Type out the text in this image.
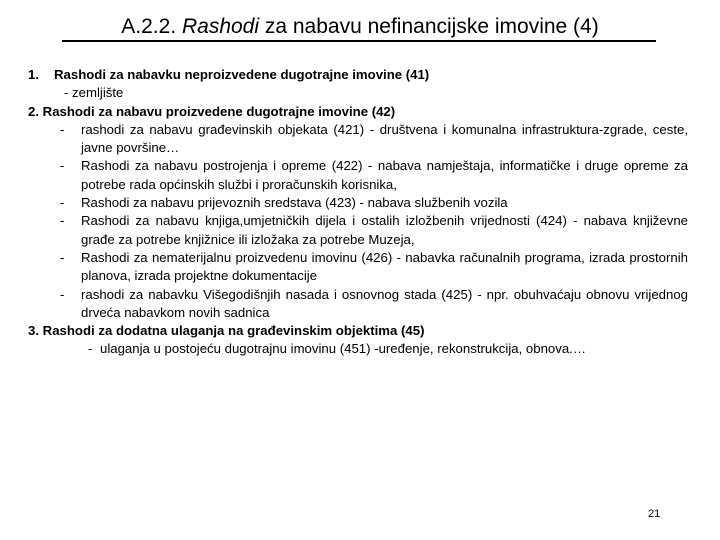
A.2.2. Rashodi za nabavu nefinancijske imovine (4)

1. Rashodi za nabavku neproizvedene dugotrajne imovine (41)

- zemljište

2. Rashodi za nabavu proizvedene dugotrajne imovine (42)

- rashodi za nabavu građevinskih objekata (421) - društvena i komunalna infrastruktura-zgrade, ceste, javne površine…

- Rashodi za nabavu postrojenja i opreme (422) - nabava namještaja, informatičke i druge opreme za potrebe rada općinskih službi i proračunskih korisnika,

- Rashodi za nabavu prijevoznih sredstava (423) - nabava službenih vozila

- Rashodi za nabavu knjiga,umjetničkih dijela i ostalih izložbenih vrijednosti (424) - nabava književne građe za potrebe knjižnice ili izložaka za potrebe Muzeja,

- Rashodi za nematerijalnu proizvedenu imovinu (426) - nabavka računalnih programa, izrada prostornih planova, izrada projektne dokumentacije

- rashodi za nabavku Višegodišnjih nasada i osnovnog stada (425) - npr. obuhvaćaju obnovu vrijednog drveća nabavkom novih sadnica

3. Rashodi za dodatna ulaganja na građevinskim objektima (45)

- ulaganja u postojeću dugotrajnu imovinu (451) -uređenje, rekonstrukcija, obnova.…

21
